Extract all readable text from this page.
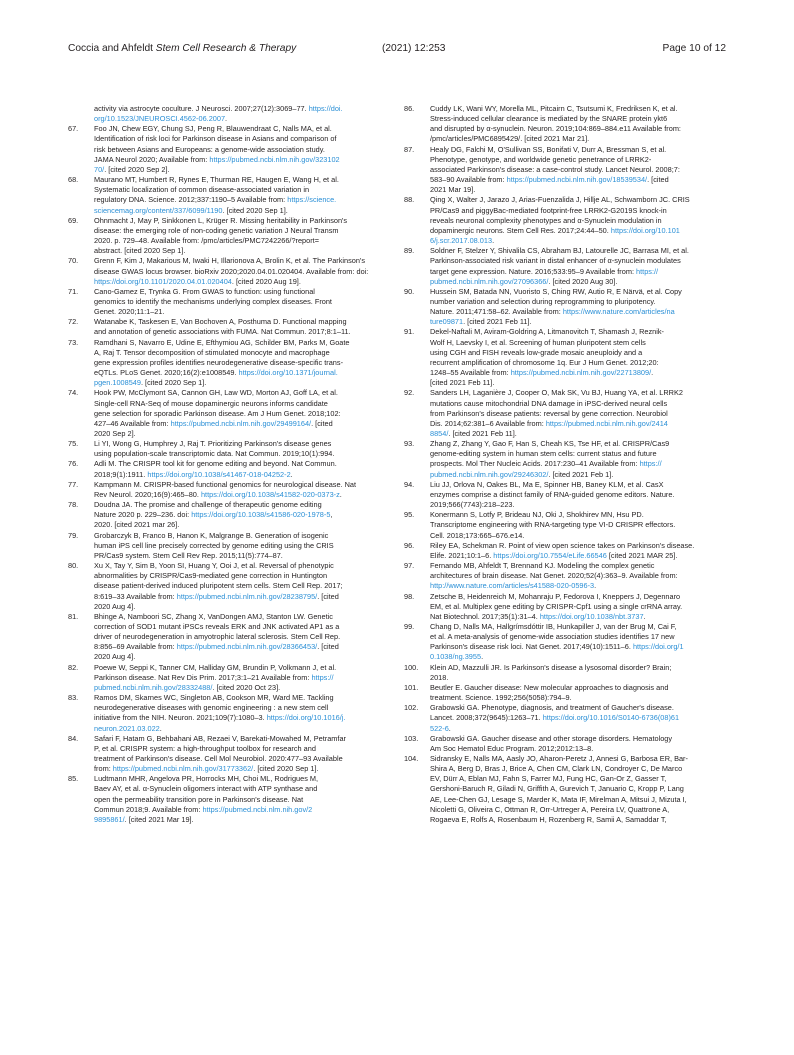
Coccia and Ahfeldt Stem Cell Research & Therapy	(2021) 12:253	Page 10 of 12
activity via astrocyte coculture. J Neurosci. 2007;27(12):3069–77. https://doi.
org/10.1523/JNEUROSCI.4562-06.2007.
67.	Foo JN, Chew EGY, Chung SJ, Peng R, Blauwendraat C, Nalls MA, et al.
Identification of risk loci for Parkinson disease in Asians and comparison of
risk between Asians and Europeans: a genome-wide association study.
JAMA Neurol 2020; Available from: https://pubmed.ncbi.nlm.nih.gov/323102
70/. [cited 2020 Sep 2].
68.	Maurano MT, Humbert R, Rynes E, Thurman RE, Haugen E, Wang H, et al.
Systematic localization of common disease-associated variation in
regulatory DNA. Science. 2012;337:1190–5 Available from: https://science.
sciencemag.org/content/337/6099/1190. [cited 2020 Sep 1].
69.	Ohnmacht J, May P, Sinkkonen L, Krüger R. Missing heritability in Parkinson's
disease: the emerging role of non-coding genetic variation J Neural Transm
2020. p. 729–48. Available from: /pmc/articles/PMC7242266/?report=
abstract. [cited 2020 Sep 1].
70.	Grenn F, Kim J, Makarious M, Iwaki H, Illarionova A, Brolin K, et al. The Parkinson's
disease GWAS locus browser. bioRxiv 2020;2020.04.01.020404. Available from: doi:
https://doi.org/10.1101/2020.04.01.020404. [cited 2020 Aug 19].
71.	Cano-Gamez E, Trynka G. From GWAS to function: using functional
genomics to identify the mechanisms underlying complex diseases. Front
Genet. 2020;11:1–21.
72.	Watanabe K, Taskesen E, Van Bochoven A, Posthuma D. Functional mapping
and annotation of genetic associations with FUMA. Nat Commun. 2017;8:1–11.
73.	Ramdhani S, Navarro E, Udine E, Efthymiou AG, Schilder BM, Parks M, Goate
A, Raj T. Tensor decomposition of stimulated monocyte and macrophage
gene expression profiles identifies neurodegenerative disease-specific trans-
eQTLs. PLoS Genet. 2020;16(2):e1008549. https://doi.org/10.1371/journal.
pgen.1008549. [cited 2020 Sep 1].
74.	Hook PW, McClymont SA, Cannon GH, Law WD, Morton AJ, Goff LA, et al.
Single-cell RNA-Seq of mouse dopaminergic neurons informs candidate
gene selection for sporadic Parkinson disease. Am J Hum Genet. 2018;102:
427–46 Available from: https://pubmed.ncbi.nlm.nih.gov/29499164/. [cited
2020 Sep 2].
75.	Li YI, Wong G, Humphrey J, Raj T. Prioritizing Parkinson's disease genes
using population-scale transcriptomic data. Nat Commun. 2019;10(1):994.
76.	Adli M. The CRISPR tool kit for genome editing and beyond. Nat Commun.
2018;9(1):1911. https://doi.org/10.1038/s41467-018-04252-2.
77.	Kampmann M. CRISPR-based functional genomics for neurological disease. Nat
Rev Neurol. 2020;16(9):465–80. https://doi.org/10.1038/s41582-020-0373-z.
78.	Doudna JA. The promise and challenge of therapeutic genome editing
Nature 2020 p. 229–236. doi: https://doi.org/10.1038/s41586-020-1978-5,
2020. [cited 2021 mar 26].
79.	Grobarczyk B, Franco B, Hanon K, Malgrange B. Generation of isogenic
human iPS cell line precisely corrected by genome editing using the CRIS
PR/Cas9 system. Stem Cell Rev Rep. 2015;11(5):774–87.
80.	Xu X, Tay Y, Sim B, Yoon SI, Huang Y, Ooi J, et al. Reversal of phenotypic
abnormalities by CRISPR/Cas9-mediated gene correction in Huntington
disease patient-derived induced pluripotent stem cells. Stem Cell Rep. 2017;
8:619–33 Available from: https://pubmed.ncbi.nlm.nih.gov/28238795/. [cited
2020 Aug 4].
81.	Bhinge A, Namboori SC, Zhang X, VanDongen AMJ, Stanton LW. Genetic
correction of SOD1 mutant iPSCs reveals ERK and JNK activated AP1 as a
driver of neurodegeneration in amyotrophic lateral sclerosis. Stem Cell Rep.
8:856–69 Available from: https://pubmed.ncbi.nlm.nih.gov/28366453/. [cited
2020 Aug 4].
82.	Poewe W, Seppi K, Tanner CM, Halliday GM, Brundin P, Volkmann J, et al.
Parkinson disease. Nat Rev Dis Prim. 2017;3:1–21 Available from: https://
pubmed.ncbi.nlm.nih.gov/28332488/. [cited 2020 Oct 23].
83.	Ramos DM, Skarnes WC, Singleton AB, Cookson MR, Ward ME. Tackling
neurodegenerative diseases with genomic engineering : a new stem cell
initiative from the NIH. Neuron. 2021;109(7):1080–3. https://doi.org/10.1016/j.
neuron.2021.03.022.
84.	Safari F, Hatam G, Behbahani AB, Rezaei V, Barekati-Mowahed M, Petramfar
P, et al. CRISPR system: a high-throughput toolbox for research and
treatment of Parkinson's disease. Cell Mol Neurobiol. 2020:477–93 Available
from: https://pubmed.ncbi.nlm.nih.gov/31773362/. [cited 2020 Sep 1].
85.	Ludtmann MHR, Angelova PR, Horrocks MH, Choi ML, Rodrigues M,
Baev AY, et al. α-Synuclein oligomers interact with ATP synthase and
open the permeability transition pore in Parkinson's disease. Nat
Commun 2018;9. Available from: https://pubmed.ncbi.nlm.nih.gov/2
9895861/. [cited 2021 Mar 19].
86.	Cuddy LK, Wani WY, Morella ML, Pitcairn C, Tsutsumi K, Fredriksen K, et al.
Stress-induced cellular clearance is mediated by the SNARE protein ykt6
and disrupted by α-synuclein. Neuron. 2019;104:869–884.e11 Available from:
/pmc/articles/PMC6895429/. [cited 2021 Mar 21].
87.	Healy DG, Falchi M, O'Sullivan SS, Bonifati V, Durr A, Bressman S, et al.
Phenotype, genotype, and worldwide genetic penetrance of LRRK2-
associated Parkinson's disease: a case-control study. Lancet Neurol. 2008;7:
583–90 Available from: https://pubmed.ncbi.nlm.nih.gov/18539534/. [cited
2021 Mar 19].
88.	Qing X, Walter J, Jarazo J, Arias-Fuenzalida J, Hillje AL, Schwamborn JC. CRIS
PR/Cas9 and piggyBac-mediated footprint-free LRRK2-G2019S knock-in
reveals neuronal complexity phenotypes and α-Synuclein modulation in
dopaminergic neurons. Stem Cell Res. 2017;24:44–50. https://doi.org/10.101
6/j.scr.2017.08.013.
89.	Soldner F, Stelzer Y, Shivalila CS, Abraham BJ, Latourelle JC, Barrasa MI, et al.
Parkinson-associated risk variant in distal enhancer of α-synuclein modulates
target gene expression. Nature. 2016;533:95–9 Available from: https://
pubmed.ncbi.nlm.nih.gov/27096366/. [cited 2020 Aug 30].
90.	Hussein SM, Batada NN, Vuoristo S, Ching RW, Autio R, E Närvä, et al. Copy
number variation and selection during reprogramming to pluripotency.
Nature. 2011;471:58–62. Available from: https://www.nature.com/articles/na
ture09871. [cited 2021 Feb 11].
91.	Dekel-Naftali M, Aviram-Goldring A, Litmanovitch T, Shamash J, Reznik-
Wolf H, Laevsky I, et al. Screening of human pluripotent stem cells
using CGH and FISH reveals low-grade mosaic aneuploidy and a
recurrent amplification of chromosome 1q. Eur J Hum Genet. 2012;20:
1248–55 Available from: https://pubmed.ncbi.nlm.nih.gov/22713809/.
[cited 2021 Feb 11].
92.	Sanders LH, Laganière J, Cooper O, Mak SK, Vu BJ, Huang YA, et al. LRRK2
mutations cause mitochondrial DNA damage in iPSC-derived neural cells
from Parkinson's disease patients: reversal by gene correction. Neurobiol
Dis. 2014;62:381–6 Available from: https://pubmed.ncbi.nlm.nih.gov/2414
8854/. [cited 2021 Feb 11].
93.	Zhang Z, Zhang Y, Gao F, Han S, Cheah KS, Tse HF, et al. CRISPR/Cas9
genome-editing system in human stem cells: current status and future
prospects. Mol Ther Nucleic Acids. 2017:230–41 Available from: https://
pubmed.ncbi.nlm.nih.gov/29246302/. [cited 2021 Feb 1].
94.	Liu JJ, Orlova N, Oakes BL, Ma E, Spinner HB, Baney KLM, et al. CasX
enzymes comprise a distinct family of RNA-guided genome editors. Nature.
2019;566(7743):218–223.
95.	Konermann S, Lotfy P, Brideau NJ, Oki J, Shokhirev MN, Hsu PD.
Transcriptome engineering with RNA-targeting type VI-D CRISPR effectors.
Cell. 2018;173:665–676.e14.
96.	Riley EA, Schekman R. Point of view open science takes on Parkinson's disease.
Elife. 2021;10:1–6. https://doi.org/10.7554/eLife.66546 [cited 2021 MAR 25].
97.	Fernando MB, Ahfeldt T, Brennand KJ. Modeling the complex genetic
architectures of brain disease. Nat Genet. 2020;52(4):363–9. Available from:
http://www.nature.com/articles/s41588-020-0596-3.
98.	Zetsche B, Heidenreich M, Mohanraju P, Fedorova I, Kneppers J, Degennaro
EM, et al. Multiplex gene editing by CRISPR-Cpf1 using a single crRNA array.
Nat Biotechnol. 2017;35(1):31–4. https://doi.org/10.1038/nbt.3737.
99.	Chang D, Nalls MA, Hallgrímsdóttir IB, Hunkapiller J, van der Brug M, Cai F,
et al. A meta-analysis of genome-wide association studies identifies 17 new
Parkinson's disease risk loci. Nat Genet. 2017;49(10):1511–6. https://doi.org/1
0.1038/ng.3955.
100.	Klein AD, Mazzulli JR. Is Parkinson's disease a lysosomal disorder? Brain;
2018.
101.	Beutler E. Gaucher disease: New molecular approaches to diagnosis and
treatment. Science. 1992;256(5058):794–9.
102.	Grabowski GA. Phenotype, diagnosis, and treatment of Gaucher's disease.
Lancet. 2008;372(9645):1263–71. https://doi.org/10.1016/S0140-6736(08)61
522-6.
103.	Grabowski GA. Gaucher disease and other storage disorders. Hematology
Am Soc Hematol Educ Program. 2012;2012:13–8.
104.	Sidransky E, Nalls MA, Aasly JO, Aharon-Peretz J, Annesi G, Barbosa ER, Bar-
Shira A, Berg D, Bras J, Brice A, Chen CM, Clark LN, Condroyer C, De Marco
EV, Dürr A, Eblan MJ, Fahn S, Farrer MJ, Fung HC, Gan-Or Z, Gasser T,
Gershoni-Baruch R, Giladi N, Griffith A, Gurevich T, Januario C, Kropp P, Lang
AE, Lee-Chen GJ, Lesage S, Marder K, Mata IF, Mirelman A, Mitsui J, Mizuta I,
Nicoletti G, Oliveira C, Ottman R, Orr-Urtreger A, Pereira LV, Quattrone A,
Rogaeva E, Rolfs A, Rosenbaum H, Rozenberg R, Samii A, Samaddar T,
